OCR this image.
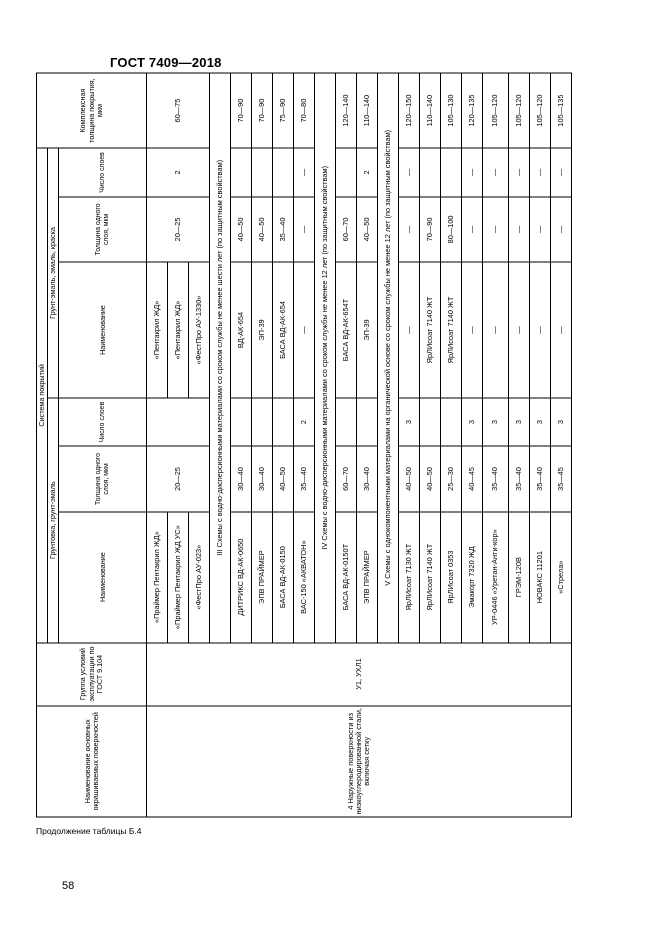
ГОСТ 7409—2018
Продолжение таблицы Б.4
58
Наименование основных окрашиваемых поверхностей	Группа условий эксплуатации по ГОСТ 9.104	Система покрытий						Комплексная толщина покрытия, мкм
		Грунтовка, грунт-эмаль			Грунт-эмаль, эмаль, краска			
		Наименование	Толщина одного слоя, мкм	Число слоев	Наименование	Толщина одного слоя, мкм	Число слоев	
4 Наружные поверхности из низкоуглеродированной стали, включая сетку	У1, УХЛ1	«Праймер Пентакрил ЖД»	20—25		«Пентакрил ЖД»	20—25	2	60—75
		«Праймер Пентакрил ЖД УС»			«Пентакрил ЖД»			
		«ФестПро АУ-023»			«ФестПро АУ-1330»			
		III Схемы с водно-дисперсионными материалами со сроком службы не менее шести лет (по защитным свойствам)						
		ДИТРИКС ВД-АК-0650	30—40		ВД-АК-654	40—50		70—90
		ЭПВ ПРАЙМЕР	30—40		ЭП-39	40—50		70—90
		БАСА ВД-АК-0150	40—50		БАСА ВД-АК-654	35—40		75—90
		ВАС-150 «АКВАТОН»	35—40	2	—	—	—	70—80
		IV Схемы с водно-дисперсионными материалами со сроком службы не менее 12 лет (по защитным свойствам)						
		БАСА ВД-АК-0150Т	60—70		БАСА ВД-АК-654Т	60—70		120—140
		ЭПВ ПРАЙМЕР	30—40		ЭП-39	40—50	2	110—140
		V Схемы с однокомпонентными материалами на органической основе со сроком службы не менее 12 лет (по защитным свойствам)						
		ЯрЛИсоат 7130 ЖТ	40—50	3	—	—	—	120—150
		ЯрЛИсоат 7140 ЖТ	40—50		ЯрЛИсоат 7140 ЖТ	70—90		110—140
		ЯрЛИсоат 0353	25—30		ЯрЛИсоат 7140 ЖТ	80—100		105—130
		Эмакорт 7320 ЖД	40—45	3	—	—	—	120—135
		УР-0446 «Уретан-Анти-кор»	35—40	3	—	—	—	105—120
		ГРЭМ-120В	35—40	3	—	—	—	105—120
		НОВАКС 11201	35—40	3	—	—	—	105—120
		«Стрела»	35—45	3	—	—	—	105—135
